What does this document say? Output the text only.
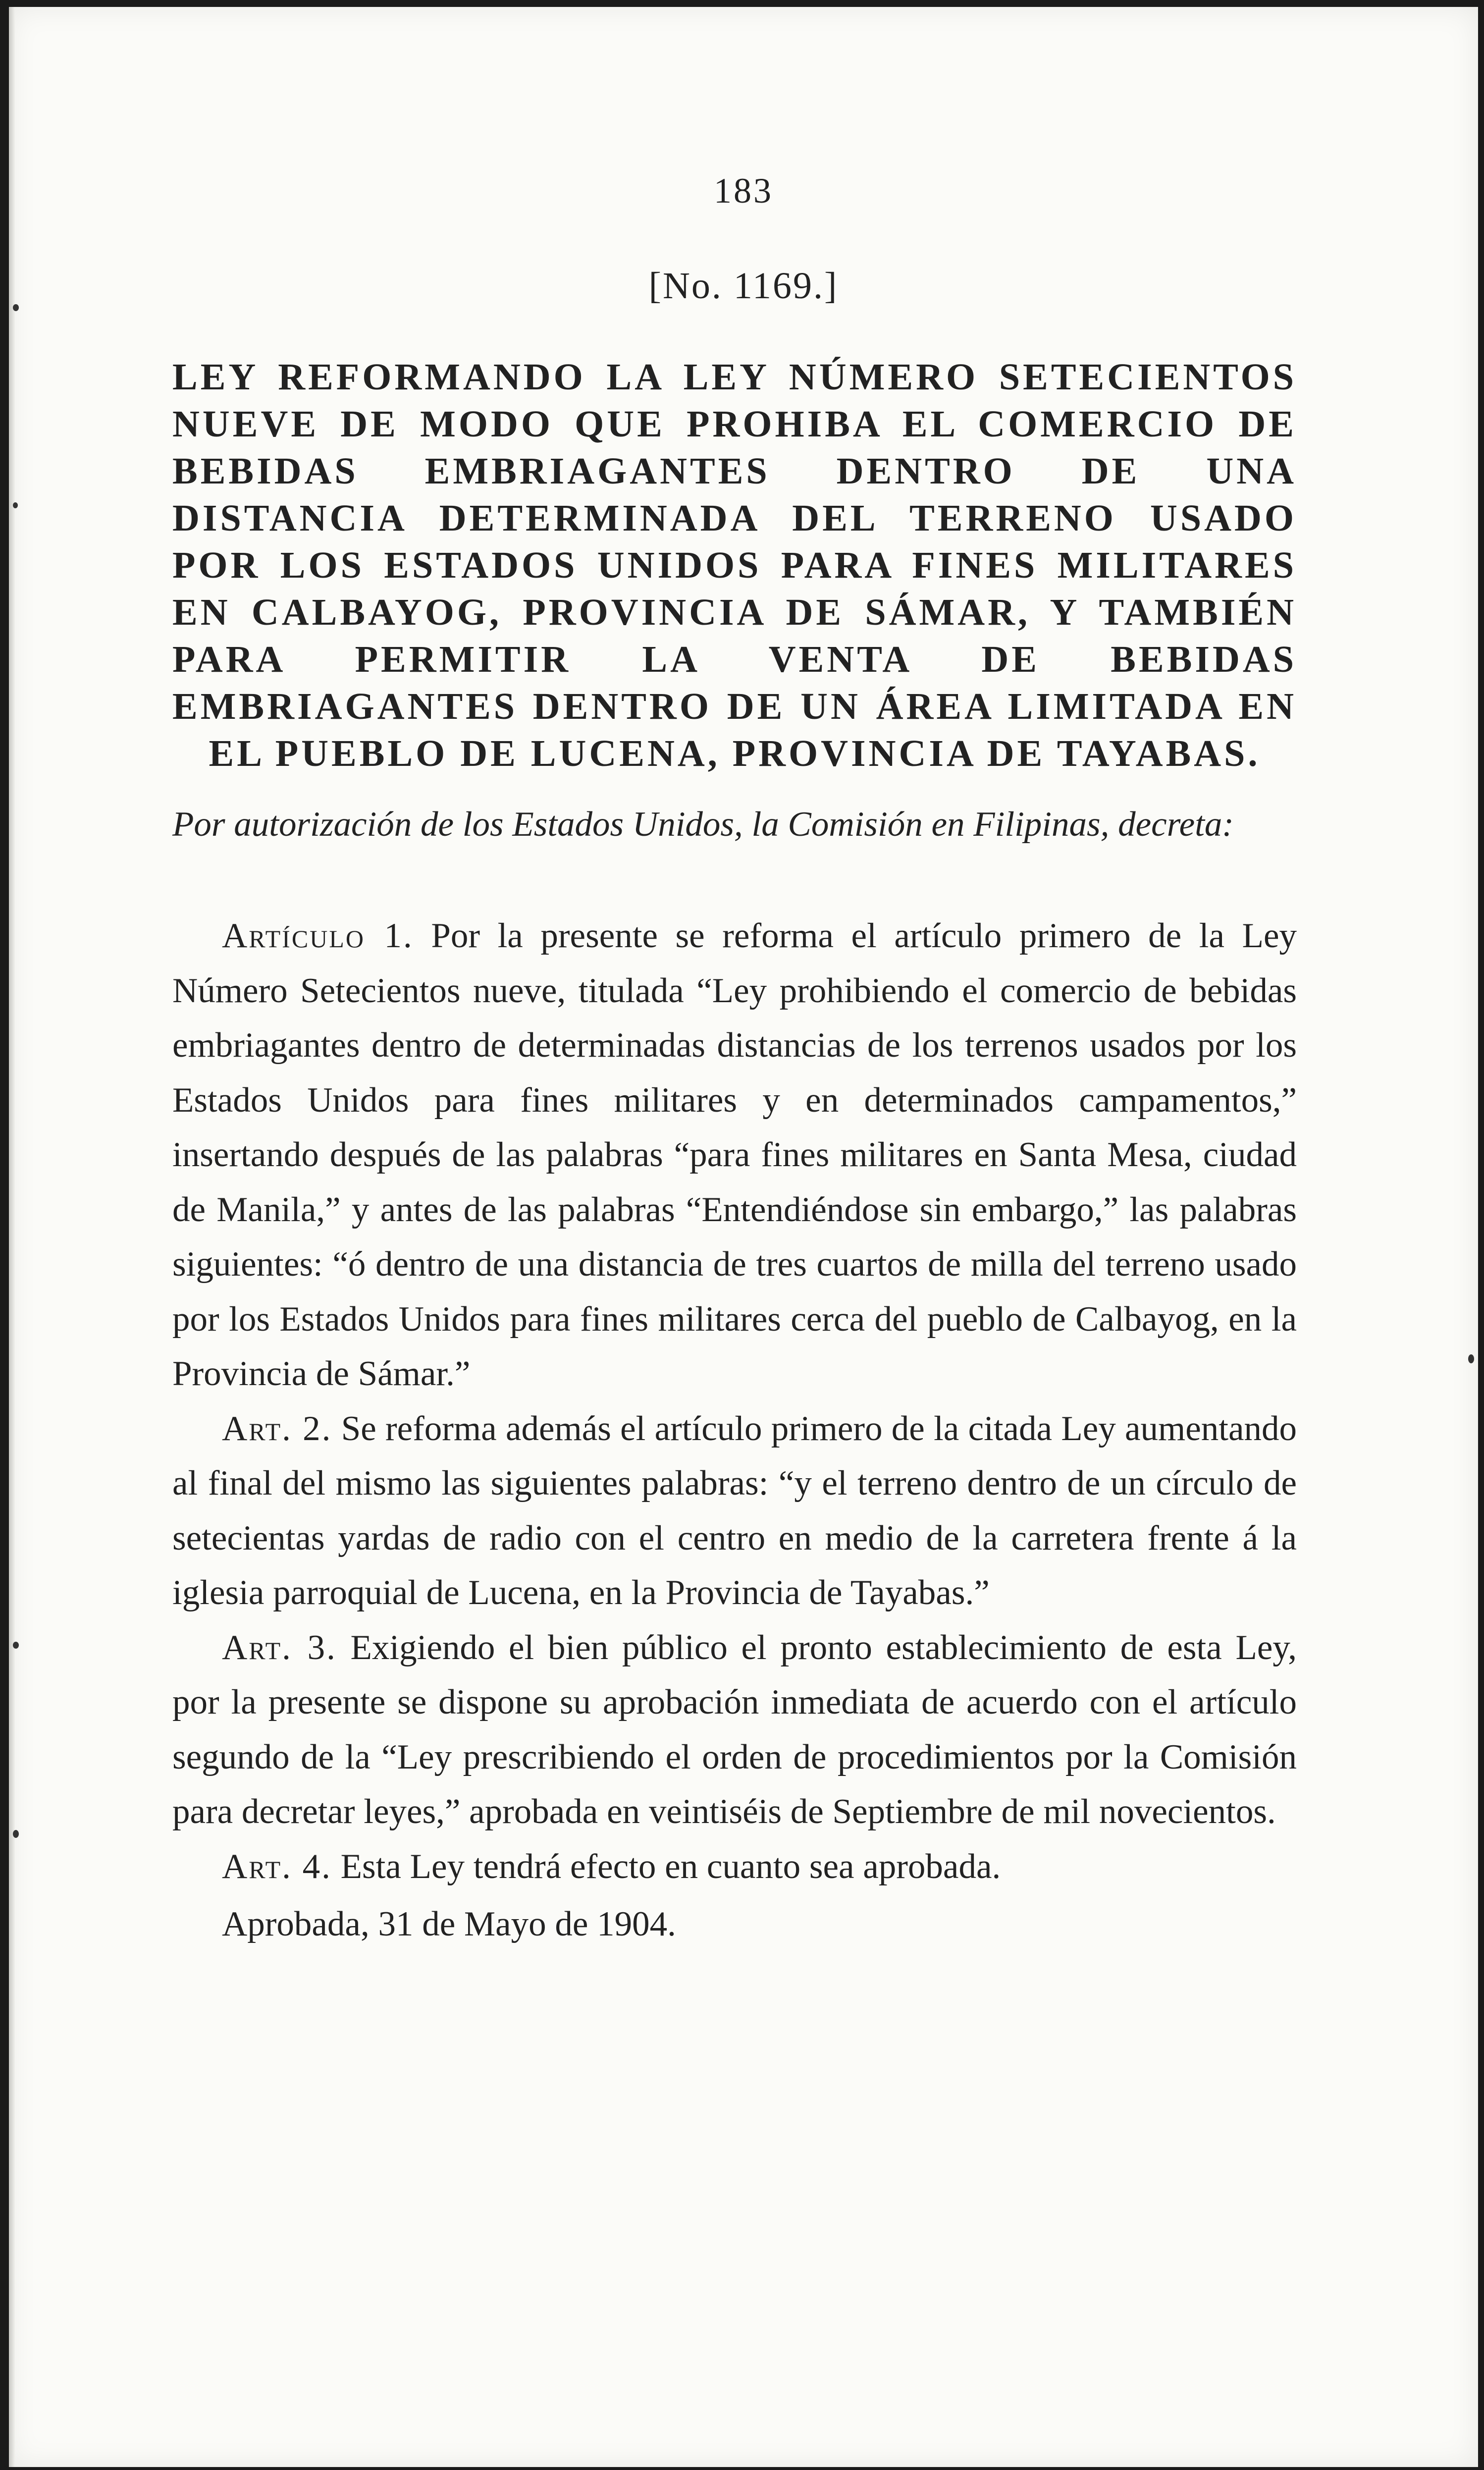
183
[No. 1169.]
LEY REFORMANDO LA LEY NÚMERO SETECIENTOS NUEVE DE MODO QUE PROHIBA EL COMERCIO DE BEBIDAS EMBRIAGANTES DENTRO DE UNA DISTANCIA DETERMINADA DEL TERRENO USADO POR LOS ESTADOS UNIDOS PARA FINES MILITARES EN CALBAYOG, PROVINCIA DE SÁMAR, Y TAMBIÉN PARA PERMITIR LA VENTA DE BEBIDAS EMBRIAGANTES DENTRO DE UN ÁREA LIMITADA EN EL PUEBLO DE LUCENA, PROVINCIA DE TAYABAS.

Por autorización de los Estados Unidos, la Comisión en Filipinas, decreta:

Artículo 1. Por la presente se reforma el artículo primero de la Ley Número Setecientos nueve, titulada “Ley prohibiendo el comercio de bebidas embriagantes dentro de determinadas distancias de los terrenos usados por los Estados Unidos para fines militares y en determinados campamentos,” insertando después de las palabras “para fines militares en Santa Mesa, ciudad de Manila,” y antes de las palabras “Entendiéndose sin embargo,” las palabras siguientes: “ó dentro de una distancia de tres cuartos de milla del terreno usado por los Estados Unidos para fines militares cerca del pueblo de Calbayog, en la Provincia de Sámar.”

Art. 2. Se reforma además el artículo primero de la citada Ley aumentando al final del mismo las siguientes palabras: “y el terreno dentro de un círculo de setecientas yardas de radio con el centro en medio de la carretera frente á la iglesia parroquial de Lucena, en la Provincia de Tayabas.”

Art. 3. Exigiendo el bien público el pronto establecimiento de esta Ley, por la presente se dispone su aprobación inmediata de acuerdo con el artículo segundo de la “Ley prescribiendo el orden de procedimientos por la Comisión para decretar leyes,” aprobada en veintiséis de Septiembre de mil novecientos.

Art. 4. Esta Ley tendrá efecto en cuanto sea aprobada.

Aprobada, 31 de Mayo de 1904.
